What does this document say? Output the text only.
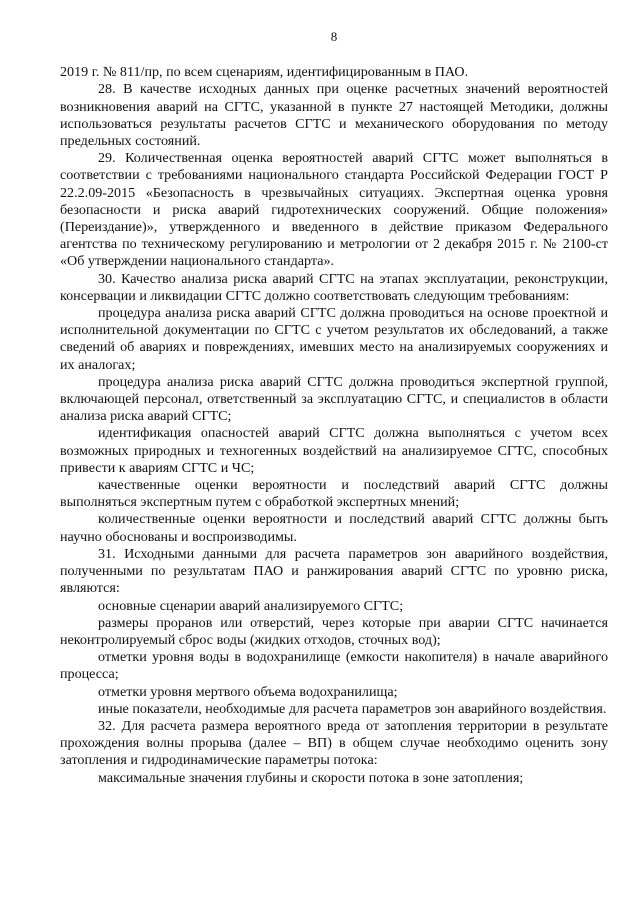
8

2019 г. № 811/пр, по всем сценариям, идентифицированным в ПАО.

28. В качестве исходных данных при оценке расчетных значений вероятностей возникновения аварий на СГТС, указанной в пункте 27 настоящей Методики, должны использоваться результаты расчетов СГТС и механического оборудования по методу предельных состояний.

29. Количественная оценка вероятностей аварий СГТС может выполняться в соответствии с требованиями национального стандарта Российской Федерации ГОСТ Р 22.2.09-2015 «Безопасность в чрезвычайных ситуациях. Экспертная оценка уровня безопасности и риска аварий гидротехнических сооружений. Общие положения» (Переиздание)», утвержденного и введенного в действие приказом Федерального агентства по техническому регулированию и метрологии от 2 декабря 2015 г. № 2100-ст «Об утверждении национального стандарта».

30. Качество анализа риска аварий СГТС на этапах эксплуатации, реконструкции, консервации и ликвидации СГТС должно соответствовать следующим требованиям:

процедура анализа риска аварий СГТС должна проводиться на основе проектной и исполнительной документации по СГТС с учетом результатов их обследований, а также сведений об авариях и повреждениях, имевших место на анализируемых сооружениях и их аналогах;

процедура анализа риска аварий СГТС должна проводиться экспертной группой, включающей персонал, ответственный за эксплуатацию СГТС, и специалистов в области анализа риска аварий СГТС;

идентификация опасностей аварий СГТС должна выполняться с учетом всех возможных природных и техногенных воздействий на анализируемое СГТС, способных привести к авариям СГТС и ЧС;

качественные оценки вероятности и последствий аварий СГТС должны выполняться экспертным путем с обработкой экспертных мнений;

количественные оценки вероятности и последствий аварий СГТС должны быть научно обоснованы и воспроизводимы.

31. Исходными данными для расчета параметров зон аварийного воздействия, полученными по результатам ПАО и ранжирования аварий СГТС по уровню риска, являются:

основные сценарии аварий анализируемого СГТС;

размеры проранов или отверстий, через которые при аварии СГТС начинается неконтролируемый сброс воды (жидких отходов, сточных вод);

отметки уровня воды в водохранилище (емкости накопителя) в начале аварийного процесса;

отметки уровня мертвого объема водохранилища;

иные показатели, необходимые для расчета параметров зон аварийного воздействия.

32. Для расчета размера вероятного вреда от затопления территории в результате прохождения волны прорыва (далее – ВП) в общем случае необходимо оценить зону затопления и гидродинамические параметры потока:

максимальные значения глубины и скорости потока в зоне затопления;
